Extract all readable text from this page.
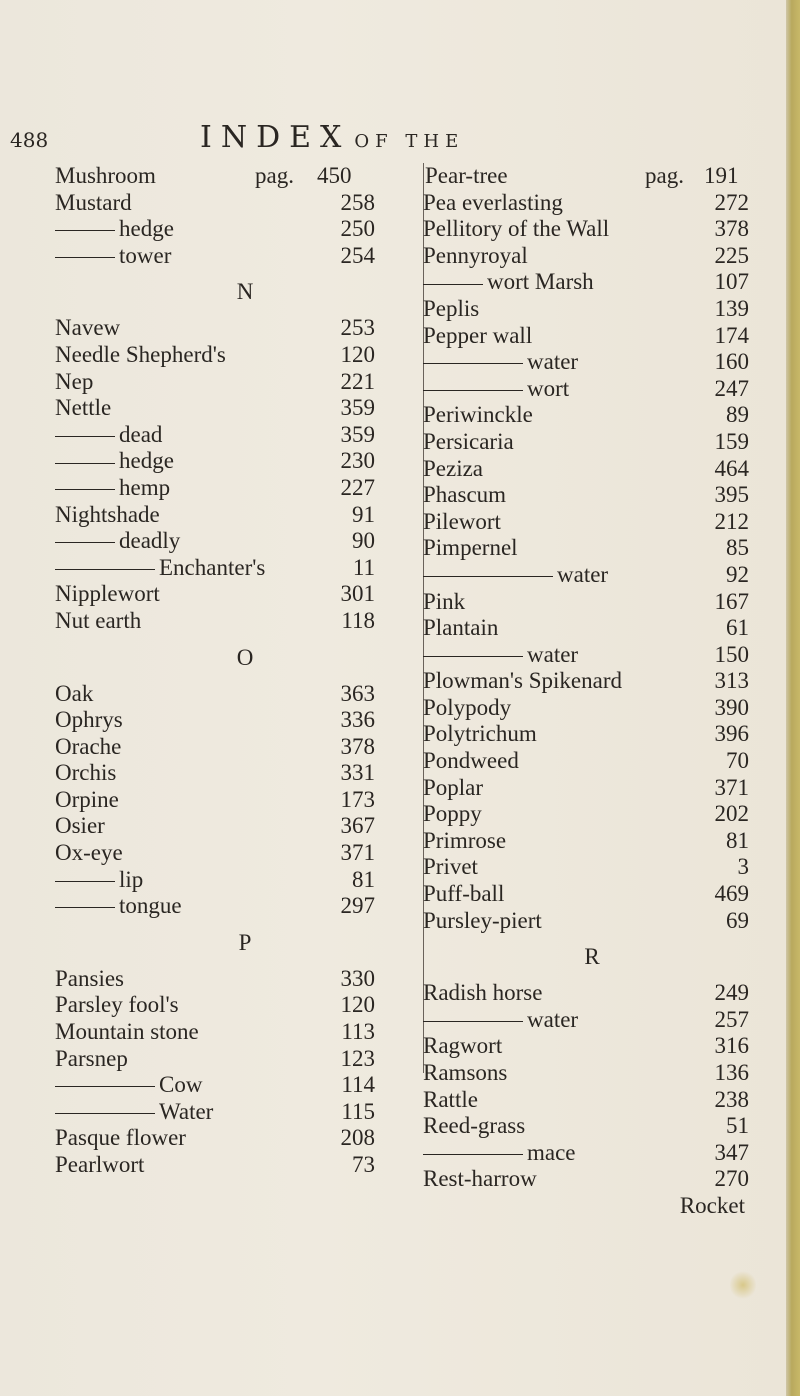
488	INDEX OF THE
Mushroom	pag. 450
Mustard	258
hedge	250
tower	254
N
Navew	253
Needle Shepherd's	120
Nep	221
Nettle	359
dead	359
hedge	230
hemp	227
Nightshade	91
deadly	90
Enchanter's	11
Nipplewort	301
Nut earth	118
O
Oak	363
Ophrys	336
Orache	378
Orchis	331
Orpine	173
Osier	367
Ox-eye	371
lip	81
tongue	297
P
Pansies	330
Parsley fool's	120
Mountain stone	113
Parsnep	123
Cow	114
Water	115
Pasque flower	208
Pearlwort	73
Pear-tree	pag. 191
Pea everlasting	272
Pellitory of the Wall	378
Pennyroyal	225
wort Marsh	107
Peplis	139
Pepper wall	174
water	160
wort	247
Periwinckle	89
Persicaria	159
Peziza	464
Phascum	395
Pilewort	212
Pimpernel	85
water	92
Pink	167
Plantain	61
water	150
Plowman's Spikenard	313
Polypody	390
Polytrichum	396
Pondweed	70
Poplar	371
Poppy	202
Primrose	81
Privet	3
Puff-ball	469
Pursley-piert	69
R
Radish horse	249
water	257
Ragwort	316
Ramsons	136
Rattle	238
Reed-grass	51
mace	347
Rest-harrow	270
Rocket
